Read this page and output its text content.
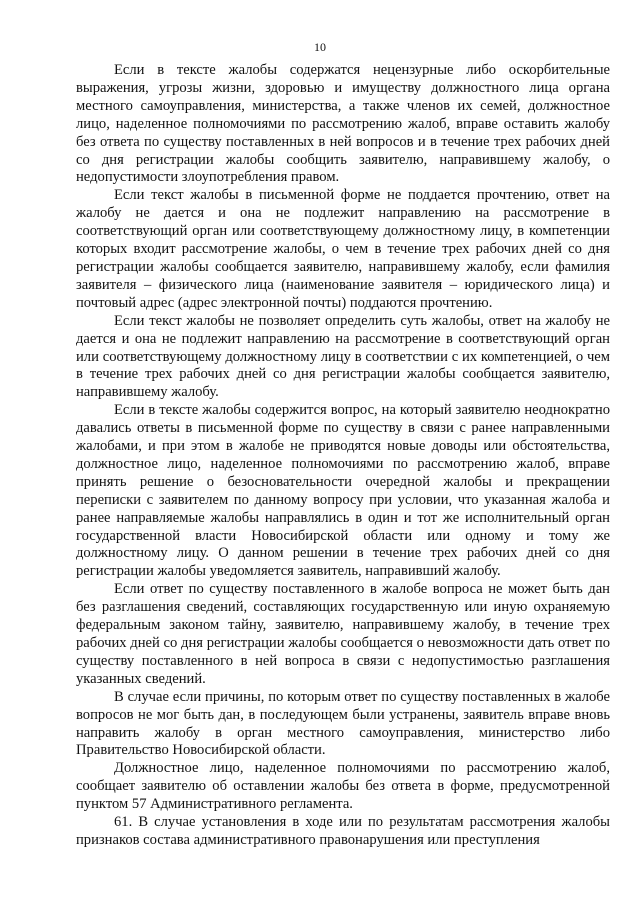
10

Если в тексте жалобы содержатся нецензурные либо оскорбительные выражения, угрозы жизни, здоровью и имуществу должностного лица органа местного самоуправления, министерства, а также членов их семей, должностное лицо, наделенное полномочиями по рассмотрению жалоб, вправе оставить жалобу без ответа по существу поставленных в ней вопросов и в течение трех рабочих дней со дня регистрации жалобы сообщить заявителю, направившему жалобу, о недопустимости злоупотребления правом.

Если текст жалобы в письменной форме не поддается прочтению, ответ на жалобу не дается и она не подлежит направлению на рассмотрение в соответствующий орган или соответствующему должностному лицу, в компетенции которых входит рассмотрение жалобы, о чем в течение трех рабочих дней со дня регистрации жалобы сообщается заявителю, направившему жалобу, если фамилия заявителя – физического лица (наименование заявителя – юридического лица) и почтовый адрес (адрес электронной почты) поддаются прочтению.

Если текст жалобы не позволяет определить суть жалобы, ответ на жалобу не дается и она не подлежит направлению на рассмотрение в соответствующий орган или соответствующему должностному лицу в соответствии с их компетенцией, о чем в течение трех рабочих дней со дня регистрации жалобы сообщается заявителю, направившему жалобу.

Если в тексте жалобы содержится вопрос, на который заявителю неоднократно давались ответы в письменной форме по существу в связи с ранее направленными жалобами, и при этом в жалобе не приводятся новые доводы или обстоятельства, должностное лицо, наделенное полномочиями по рассмотрению жалоб, вправе принять решение о безосновательности очередной жалобы и прекращении переписки с заявителем по данному вопросу при условии, что указанная жалоба и ранее направляемые жалобы направлялись в один и тот же исполнительный орган государственной власти Новосибирской области или одному и тому же должностному лицу. О данном решении в течение трех рабочих дней со дня регистрации жалобы уведомляется заявитель, направивший жалобу.

Если ответ по существу поставленного в жалобе вопроса не может быть дан без разглашения сведений, составляющих государственную или иную охраняемую федеральным законом тайну, заявителю, направившему жалобу, в течение трех рабочих дней со дня регистрации жалобы сообщается о невозможности дать ответ по существу поставленного в ней вопроса в связи с недопустимостью разглашения указанных сведений.

В случае если причины, по которым ответ по существу поставленных в жалобе вопросов не мог быть дан, в последующем были устранены, заявитель вправе вновь направить жалобу в орган местного самоуправления, министерство либо Правительство Новосибирской области.

Должностное лицо, наделенное полномочиями по рассмотрению жалоб, сообщает заявителю об оставлении жалобы без ответа в форме, предусмотренной пунктом 57 Административного регламента.

61. В случае установления в ходе или по результатам рассмотрения жалобы признаков состава административного правонарушения или преступления
